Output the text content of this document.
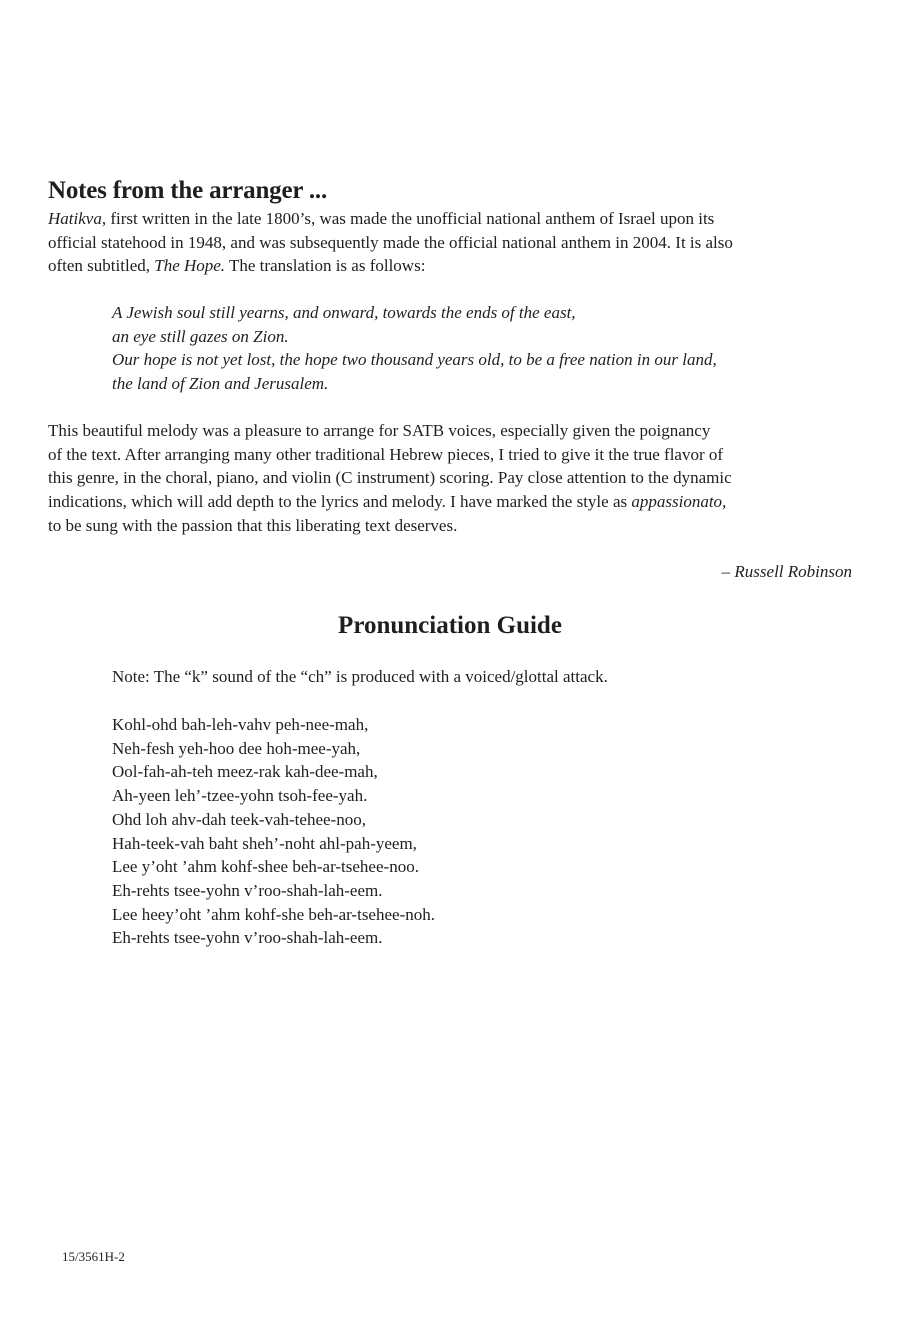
Notes from the arranger ...
Hatikva, first written in the late 1800’s, was made the unofficial national anthem of Israel upon its
official statehood in 1948, and was subsequently made the official national anthem in 2004. It is also
often subtitled, The Hope. The translation is as follows:
A Jewish soul still yearns, and onward, towards the ends of the east,
an eye still gazes on Zion.
Our hope is not yet lost, the hope two thousand years old, to be a free nation in our land,
the land of Zion and Jerusalem.
This beautiful melody was a pleasure to arrange for SATB voices, especially given the poignancy
of the text. After arranging many other traditional Hebrew pieces, I tried to give it the true flavor of
this genre, in the choral, piano, and violin (C instrument) scoring. Pay close attention to the dynamic
indications, which will add depth to the lyrics and melody. I have marked the style as appassionato,
to be sung with the passion that this liberating text deserves.
– Russell Robinson
Pronunciation Guide
Note: The “k” sound of the “ch” is produced with a voiced/glottal attack.
Kohl-ohd bah-leh-vahv peh-nee-mah,
Neh-fesh yeh-hoo dee hoh-mee-yah,
Ool-fah-ah-teh meez-rak kah-dee-mah,
Ah-yeen leh’-tzee-yohn tsoh-fee-yah.
Ohd loh ahv-dah teek-vah-tehee-noo,
Hah-teek-vah baht sheh’-noht ahl-pah-yeem,
Lee y’oht ’ahm kohf-shee beh-ar-tsehee-noo.
Eh-rehts tsee-yohn v’roo-shah-lah-eem.
Lee heey’oht ’ahm kohf-she beh-ar-tsehee-noh.
Eh-rehts tsee-yohn v’roo-shah-lah-eem.
15/3561H-2
